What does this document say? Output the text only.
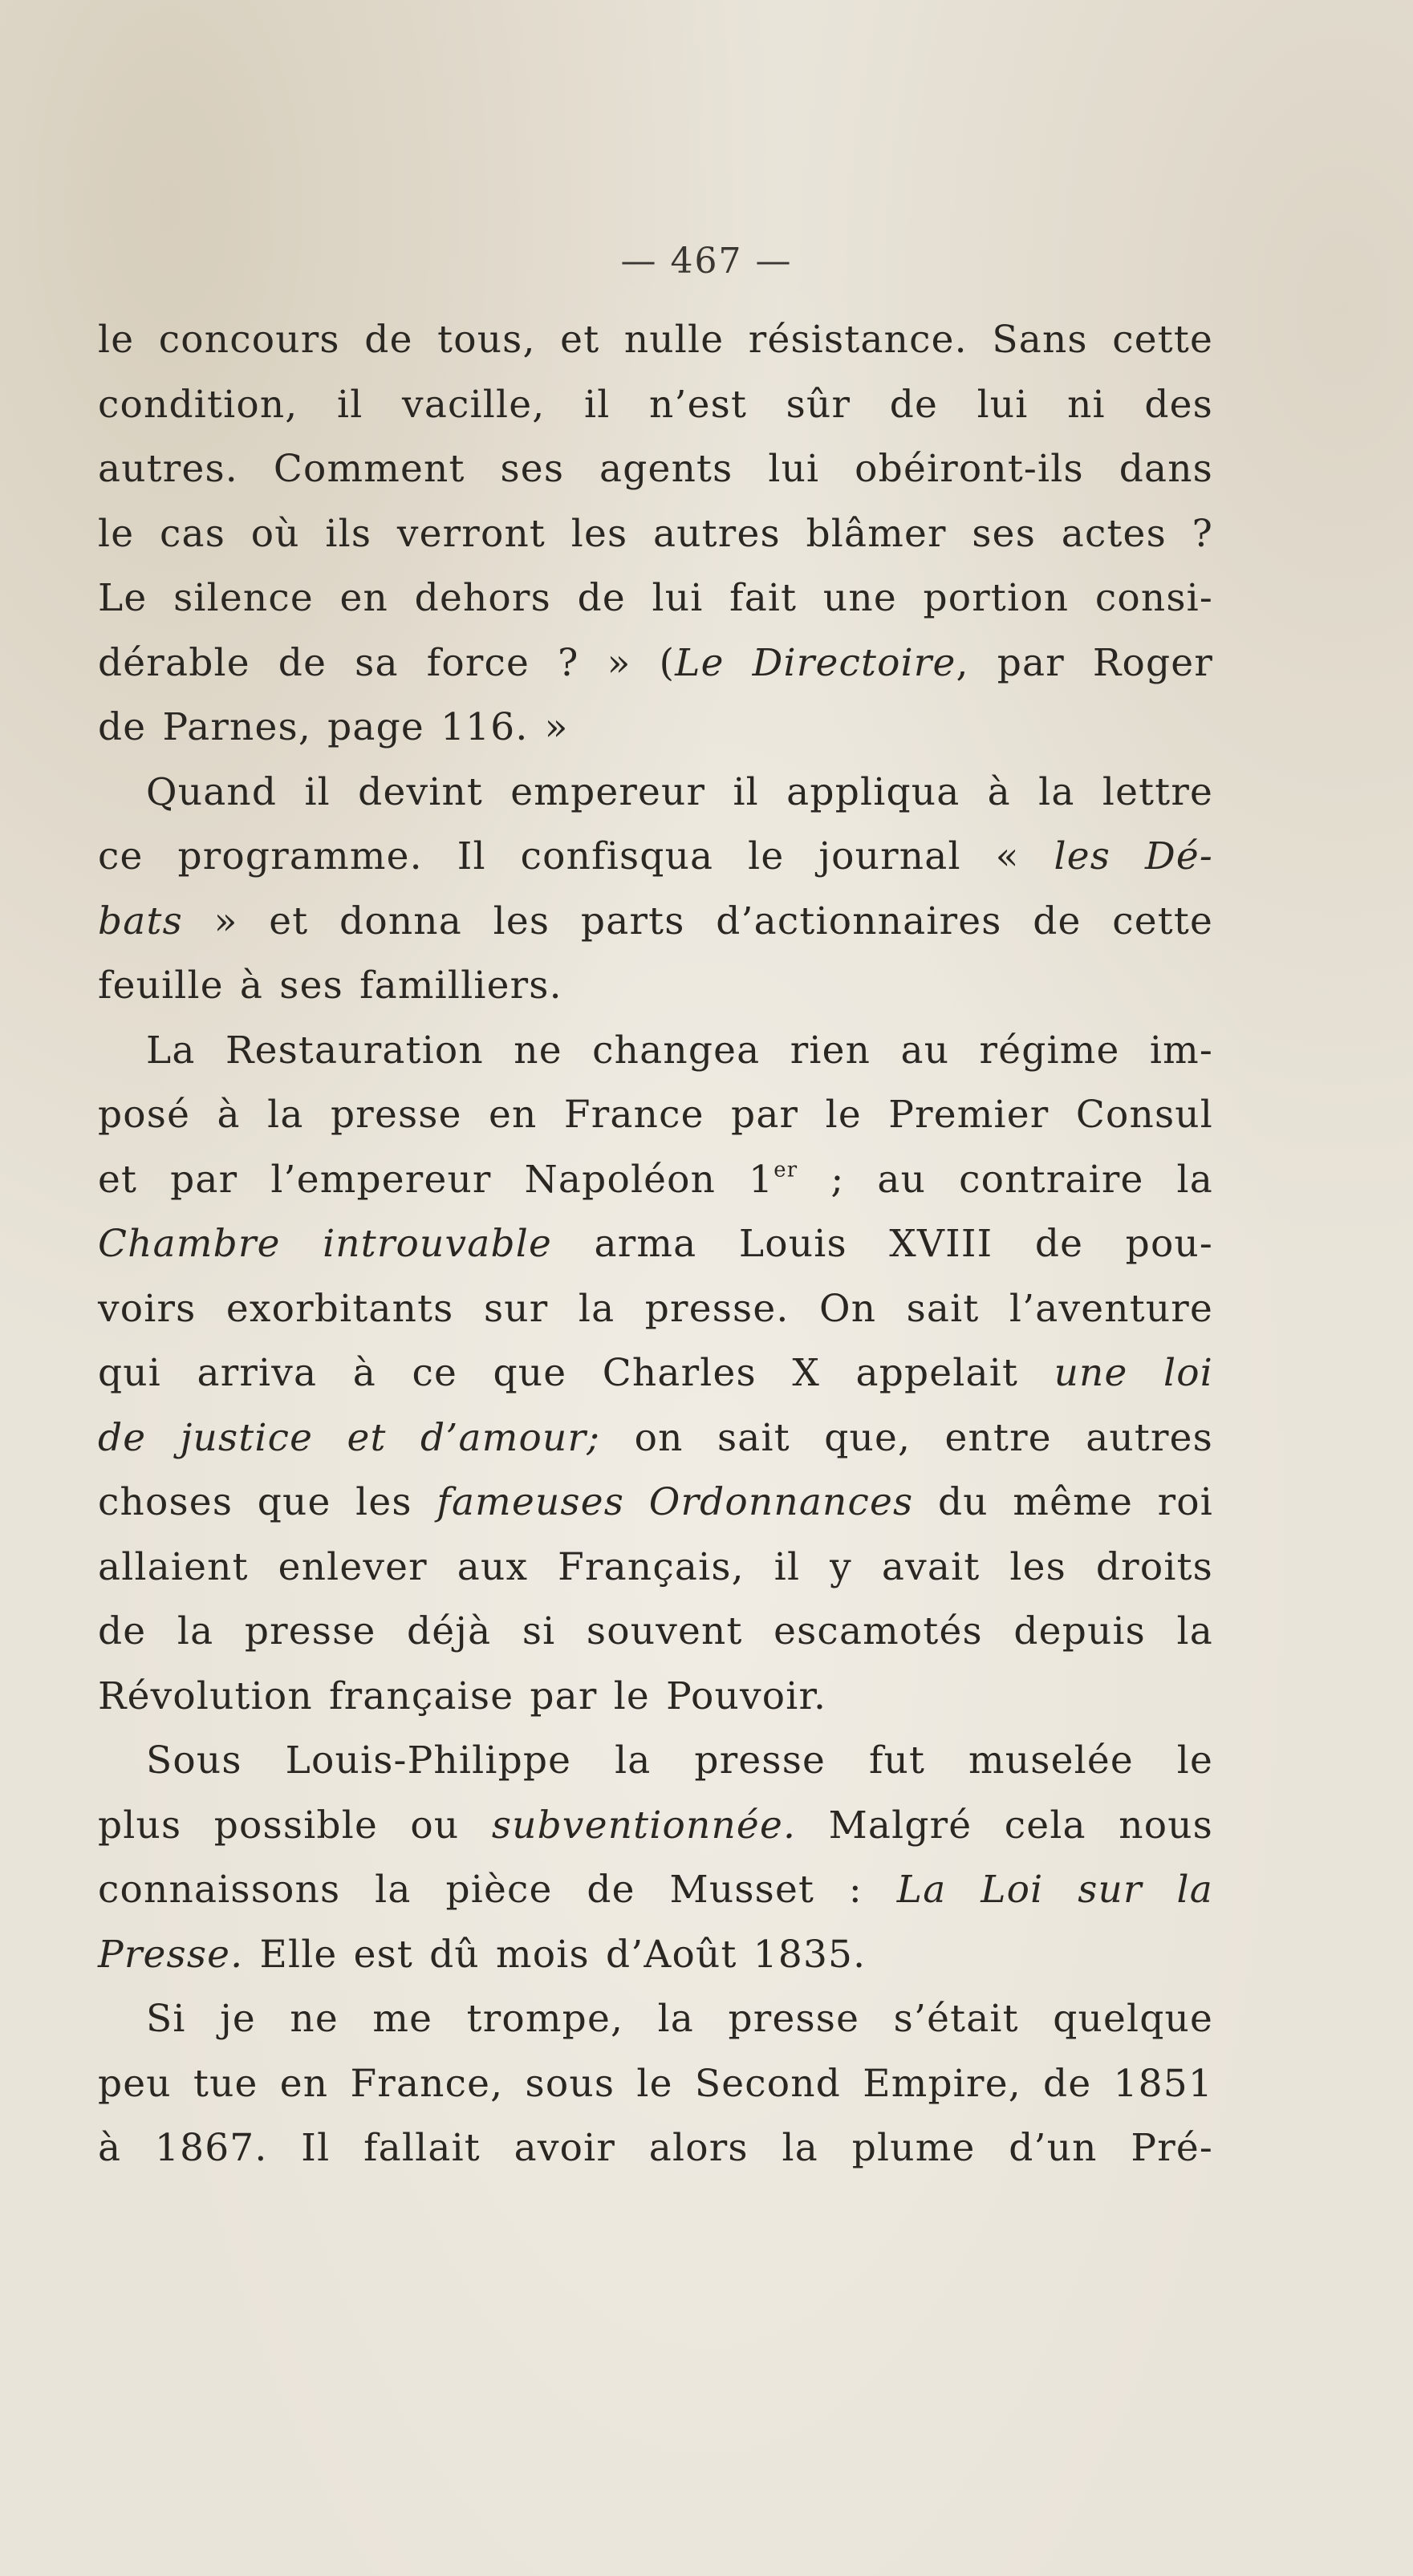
— 467 —
le concours de tous, et nulle résistance. Sans cette
condition, il vacille, il n’est sûr de lui ni des
autres. Comment ses agents lui obéiront-ils dans
le cas où ils verront les autres blâmer ses actes ?
Le silence en dehors de lui fait une portion consi-
dérable de sa force ? » (Le Directoire, par Roger
de Parnes, page 116. »
Quand il devint empereur il appliqua à la lettre
ce programme. Il confisqua le journal « les Dé-
bats » et donna les parts d’actionnaires de cette
feuille à ses familliers.
La Restauration ne changea rien au régime im-
posé à la presse en France par le Premier Consul
et par l’empereur Napoléon 1er ; au contraire la
Chambre introuvable arma Louis XVIII de pou-
voirs exorbitants sur la presse. On sait l’aventure
qui arriva à ce que Charles X appelait une loi
de justice et d’amour; on sait que, entre autres
choses que les fameuses Ordonnances du même roi
allaient enlever aux Français, il y avait les droits
de la presse déjà si souvent escamotés depuis la
Révolution française par le Pouvoir.
Sous Louis-Philippe la presse fut muselée le
plus possible ou subventionnée. Malgré cela nous
connaissons la pièce de Musset : La Loi sur la
Presse. Elle est dû mois d’Août 1835.
Si je ne me trompe, la presse s’était quelque
peu tue en France, sous le Second Empire, de 1851
à 1867. Il fallait avoir alors la plume d’un Pré-
